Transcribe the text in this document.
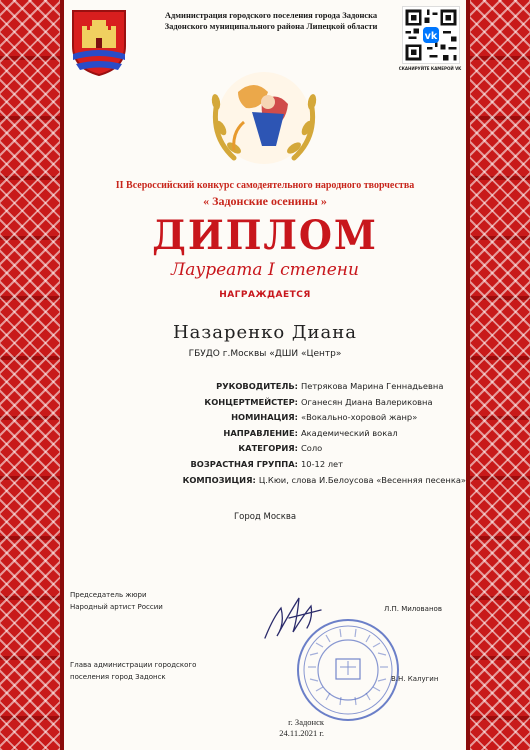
Администрация городского поселения города Задонска
Задонского муниципального района Липецкой области
vk
СКАНИРУЙТЕ КАМЕРОЙ VK
II Всероссийский конкурс самодеятельного народного творчества
« Задонские осенины »
ДИПЛОМ
Лауреата I степени
НАГРАЖДАЕТСЯ
Назаренко Диана
ГБУДО г.Москвы «ДШИ «Центр»
РУКОВОДИТЕЛЬ: Петрякова Марина Геннадьевна
КОНЦЕРТМЕЙСТЕР: Оганесян Диана Валериковна
НОМИНАЦИЯ: «Вокально-хоровой жанр»
НАПРАВЛЕНИЕ: Академический вокал
КАТЕГОРИЯ: Соло
ВОЗРАСТНАЯ ГРУППА: 10-12 лет
КОМПОЗИЦИЯ: Ц.Кюи, слова И.Белоусова «Весенняя песенка»
Город Москва
Председатель жюри
Народный артист России	Л.П. Милованов
Глава администрации городского
поселения город Задонск	В.Н. Калугин
г. Задонск
24.11.2021 г.
